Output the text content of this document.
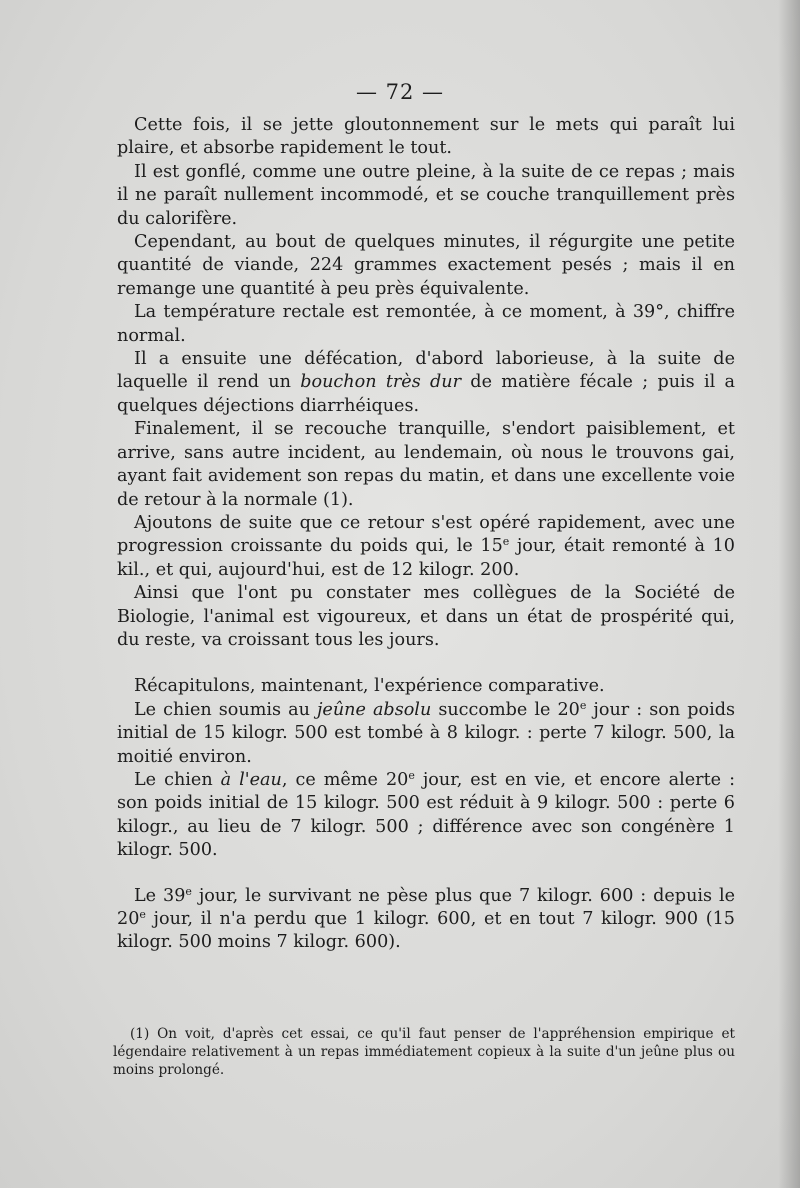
— 72 —

Cette fois, il se jette gloutonnement sur le mets qui paraît lui plaire, et absorbe rapidement le tout.

Il est gonflé, comme une outre pleine, à la suite de ce repas ; mais il ne paraît nullement incommodé, et se couche tranquillement près du calorifère.

Cependant, au bout de quelques minutes, il régurgite une petite quantité de viande, 224 grammes exactement pesés ; mais il en remange une quantité à peu près équivalente.

La température rectale est remontée, à ce moment, à 39°, chiffre normal.

Il a ensuite une défécation, d'abord laborieuse, à la suite de laquelle il rend un bouchon très dur de matière fécale ; puis il a quelques déjections diarrhéiques.

Finalement, il se recouche tranquille, s'endort paisiblement, et arrive, sans autre incident, au lendemain, où nous le trouvons gai, ayant fait avidement son repas du matin, et dans une excellente voie de retour à la normale (1).

Ajoutons de suite que ce retour s'est opéré rapidement, avec une progression croissante du poids qui, le 15e jour, était remonté à 10 kil., et qui, aujourd'hui, est de 12 kilogr. 200.

Ainsi que l'ont pu constater mes collègues de la Société de Biologie, l'animal est vigoureux, et dans un état de prospérité qui, du reste, va croissant tous les jours.

Récapitulons, maintenant, l'expérience comparative.

Le chien soumis au jeûne absolu succombe le 20e jour : son poids initial de 15 kilogr. 500 est tombé à 8 kilogr. : perte 7 kilogr. 500, la moitié environ.

Le chien à l'eau, ce même 20e jour, est en vie, et encore alerte : son poids initial de 15 kilogr. 500 est réduit à 9 kilogr. 500 : perte 6 kilogr., au lieu de 7 kilogr. 500 ; différence avec son congénère 1 kilogr. 500.

Le 39e jour, le survivant ne pèse plus que 7 kilogr. 600 : depuis le 20e jour, il n'a perdu que 1 kilogr. 600, et en tout 7 kilogr. 900 (15 kilogr. 500 moins 7 kilogr. 600).

(1) On voit, d'après cet essai, ce qu'il faut penser de l'appréhension empirique et légendaire relativement à un repas immédiatement copieux à la suite d'un jeûne plus ou moins prolongé.
